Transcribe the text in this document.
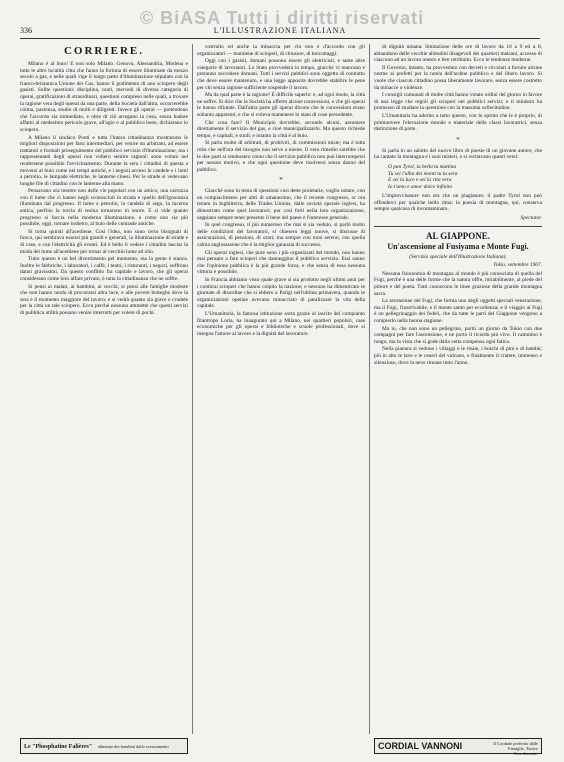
© BiASA Tutti i diritti riservati
336	L'ILLUSTRAZIONE ITALIANA
CORRIERE.

Milano è al buio! E non solo Milano. Genova, Alessandria, Modena e tutte le altre località citta che fanno la fortuna di essere illuminate da mezzo secolo a gas, e nelle quali vige il lungo patto d'illuminazione stipulato con la franco-britannica Unione dei Gas, hanno il godimento di uno sciopero degli gasisti. Sollte questioni: disciplina, orari, mercedi di diversa categoria di operai, gratificazioni di straordinari, questioni compreso nelle quali, a trovare la ragione vera degli operai da una parte, della Società dall'altra, occorrerebbe colma, pazienza, studio di molti e diligenti. Invece gli operai — pretendono che l'accordo sia immediato, e oltre di ciò arrogano la cosa, senza badare affatto al medesimo pericolo grave, all'agio e al pubblico bene, dichiarano lo sciopero.

A Milano il sindaco Ponti e tutta l'intera cittadinanza mostrarono le migliori disposizioni per farsi intermediari, per venire un arbitrato, ad essere trattatori e formali proseguimento del pubblico servizio d'illuminazione, ma i rappresentanti degli operai non vollero sentire ragioni: sono voluto nel rendersene possibile l'avvicinamento. Durante la sera i cittadini di questa a moversi al buio come nei tempi antichi, e i negozi acceso le candele e i lumi a petrolio, le lampade elettriche, le lanterne cinesi. Per le strade si vedevano lunghe file di cittadini con le lanterne alla mano.

Pensavano ora mentre non delle vie popolari con un amico, una carrozza con il lume che ci hanno negli sconosciuti in strada e quello dell'ignoranza illuminata dal progresso. Il lume a petrolio, la candela di sego, la lucerna antica, perfino la torcia di resina tornarono in onore. E si vide quanto progresso si faccia nella moderna illuminazione, e come non sia più possibile, oggi, tornare indietro, al buio delle contrade antiche.

Si torna quindi all'acetilene. Così l'idea, non sono certo bisognati di fuoco, qui sembrava essersi più grandi e generali, la illuminazione di strade e di case, e con l'elettricità gli eventi. Ed è bello il vedere i cittadini lasciar la moda del lume all'acetilene per tornar al vecchio lume ad olio.

Tutto questo è un bel divertimento pel momento, ma la gente è stanca. Inoltre le fabbriche, i laboratori, i caffè, i teatri, i ristoranti, i negozi, soffrono danni gravissimi. Da questo conflitto fra capitale e lavoro, che gli operai considerano come loro affare privato, è tutta la cittadinanza che ne soffre.

Si pensi ai malati, ai bambini, ai vecchi; si pensi alle famiglie modeste che non hanno modo di procurarsi altra luce, e alle povere botteghe dove la sera è il momento maggiore del lavoro; e si vedrà quanto sia grave e crudele per la città un tale sciopero. Ecco perché nessuno ammette che questi servizi di pubblica utilità possano venire interrotti per volere di pochi.

costruito ed anche la minaccia per chi non è d'accordo con gli organizzatori — mantiene di scioperi, di chiusure, di boicottaggi.

Oggi con i gasisti, domani possono essere gli elettricisti, e tante altre categorie di lavoratori. Lo Stato provvederà in tempo, giacché vi mancano e potranno succedere domani. Tutti i servizi pubblici sono oggetto di contratto che deve essere mantenuto, e una legge apposita dovrebbe stabilire le pene per chi senza ragione sufficiente sospende il lavoro.

Ma da qual parte è la ragione? È difficile saperlo: e, ad ogni modo, la città ne soffre. Si dice che la Società ha offerto alcune concessioni, e che gli operai le hanno rifiutate. Dall'altra parte gli operai dicono che le concessioni erano soltanto apparenti, e che si voleva mantenere lo stato di cose precedente.

Che cosa fare? Il Municipio dovrebbe, secondo alcuni, assumere direttamente il servizio del gas, e cioè municipalizzarlo. Ma questo richiede tempo, e capitali, e studi; e intanto la città è al buio.

Si parla molto di arbitrati, di probiviri, di commissioni miste; ma è tutta roba che nell'ora del bisogno non serve a niente. Il vero rimedio sarebbe che le due parti si rendessero conto che il servizio pubblico non può interrompersi per nessun motivo, e che ogni questione deve risolversi senza danno del pubblico.

*

Giacché sono in tema di questioni così dette proletarie, voglio notare, con un compiacimento per altri di umanesimo, che il recente congresso, or ora tenuto in Inghilterra, delle Trades Unions, dalle società operaie inglesi, ha dimostrato come quei lavoratori, pur così forti nella loro organizzazione, sappiano sempre tener presente il bene del paese e l'interesse generale.

In quel congresso, il più numeroso che mai si sia veduto, si parlò molto delle condizioni dei lavoratori, si chiesero leggi nuove, si discusse di assicurazioni, di pensioni, di orari; ma sempre con tono sereno, con quella calma anglosassone che è la miglior garanzia di successo.

Gli operai inglesi, che pure sono i più organizzati del mondo, non hanno mai pensato a fare scioperi che danneggino il pubblico servizio. Essi sanno che l'opinione pubblica è la più grande forza, e che senza di essa nessuna vittoria è possibile.

In Francia abbiamo visto quale grave si sia prodotto negli ultimi anni per i continui scioperi che hanno colpito la nazione; e nessuno ha dimenticato le giornate di disordine che si ebbero a Parigi nell'ultima primavera, quando le organizzazioni operaie avevano minacciato di paralizzare la vita della capitale.

L'Umanitaria, la famosa istituzione sorta grazie al lascito del compianto filantropo Loria, ha inaugurato qui a Milano, nei quartieri popolari, case economiche per gli operai e biblioteche e scuole professionali, dove si insegna l'amore al lavoro e la dignità del lavoratore.

di dignità umana: limitazione delle ore di lavoro da 10 a 9 ed a 8, abbandono delle vecchie abitudini disagevoli dei quartieri malsani, accesso di ciascuno ad un lavoro onesto e ben retribuito. Ecco le tendenze moderne.

Il Governo, intanto, ha provveduto con decreti e circolari a fornire alcune norme ai prefetti per la tutela dell'ordine pubblico e del libero lavoro. Si vuole che ciascun cittadino possa liberamente lavorare, senza essere costretto da minacce o violenze.

I consigli comunali di molte città hanno votato ordini del giorno in favore di una legge che regoli gli scioperi nei pubblici servizi; e il ministro ha promesso di studiare la questione con la massima sollecitudine.

L'Umanitaria ha aderito a tutto questo, con lo spirito che le è proprio, di promuovere l'elevazione morale e materiale delle classi lavoratrici, senza distinzione di parte.

*

Si parla in un salotto del nuovo libro di poesie di un giovane autore, che ha cantato la montagna e i suoi misteri, e si recitavano questi versi:

O pan Tyrol, la bella tu mattina
Tu sei l'alba dei monti tu la sera
E sei la luce e sei la vita vera
Io t'amo e amor dolce infinito

L'improvvisatore non era che un plagiatore; il padre Tyrol non può offenderci per qualche bella rima; la poesia di montagna, qui, conserva sempre qualcosa di incontaminato.

Spectator.
AL GIAPPONE.
Un'ascensione al Fusiyama e Monte Fugi.
(Servizio speciale dell'Illustrazione Italiana).
Tokio, settembre 1907.

Nessuna fisionomia di montagna al mondo è più conosciuta di quella del Fugi, perché è una delle forme che la natura offre, mirabilmente, al piede del pittore e del poeta. Tutti conoscono le linee graziose della grande montagna sacra.

La ascensione del Fugi, che forma uno degli oggetti speciali venerazione, ma il Fugi, l'inarrivabile, e il monte santo per eccellenza; e il viaggio al Fugi è un pellegrinaggio dei fedeli, che da tutte le parti del Giappone vengono a compierlo nella buona stagione.

Ma io, che non sono un pellegrino, partii un giorno da Tokio con due compagni per fare l'ascensione, e ne porto il ricordo più vivo. Il cammino è lungo, ma la vista che si gode dalla vetta compensa ogni fatica.

Nella pianura si vedono i villaggi e le risaie, i boschi di pini e di bambù; più in alto le lave e le ceneri del vulcano, e finalmente il cratere, immenso e silenzioso, dove la neve rimane tutto l'anno.

Le "Phosphatine Falières" alimento dei bambini dallo svezzamento	CORDIAL VANNONI	Il Cordiale preferito dalle Famiglie. Tonico Corroborante.
